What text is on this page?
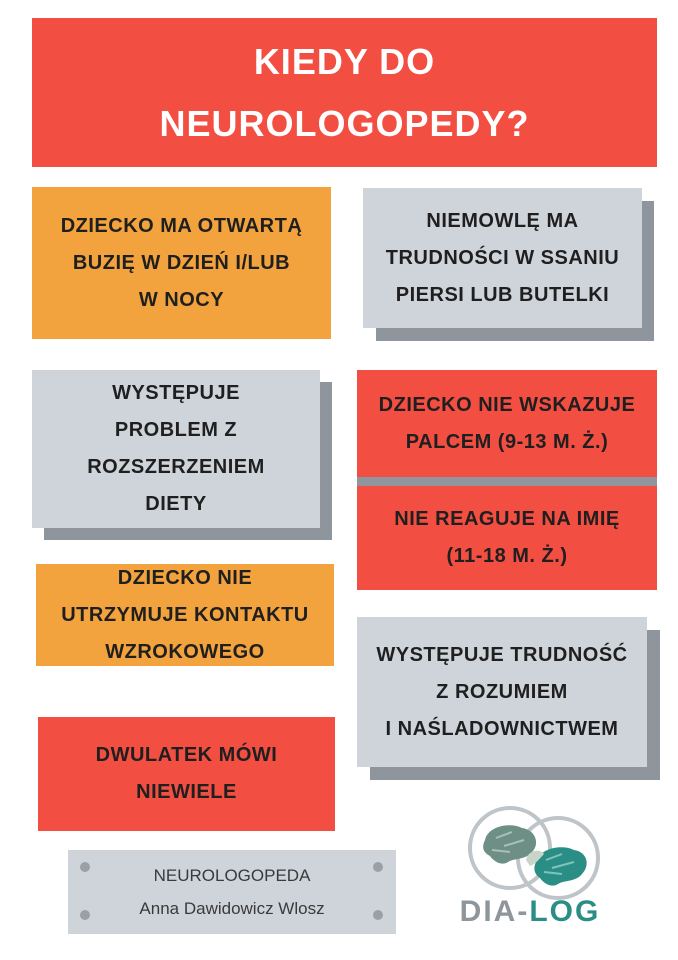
KIEDY DO
NEUROLOGOPEDY?
DZIECKO MA OTWARTĄ
BUZIĘ W DZIEŃ I/LUB
W NOCY
NIEMOWLĘ MA
TRUDNOŚCI W SSANIU
PIERSI LUB BUTELKI
WYSTĘPUJE
PROBLEM Z
ROZSZERZENIEM
DIETY
DZIECKO NIE WSKAZUJE
PALCEM (9-13 M. Ż.)
NIE REAGUJE NA IMIĘ
(11-18 M. Ż.)
DZIECKO NIE
UTRZYMUJE KONTAKTU
WZROKOWEGO	WYSTĘPUJE TRUDNOŚĆ
Z ROZUMIEM
I NAŚLADOWNICTWEM
DWULATEK MÓWI
NIEWIELE
NEUROLOGOPEDA
Anna Dawidowicz Wlosz	DIA-LOG
